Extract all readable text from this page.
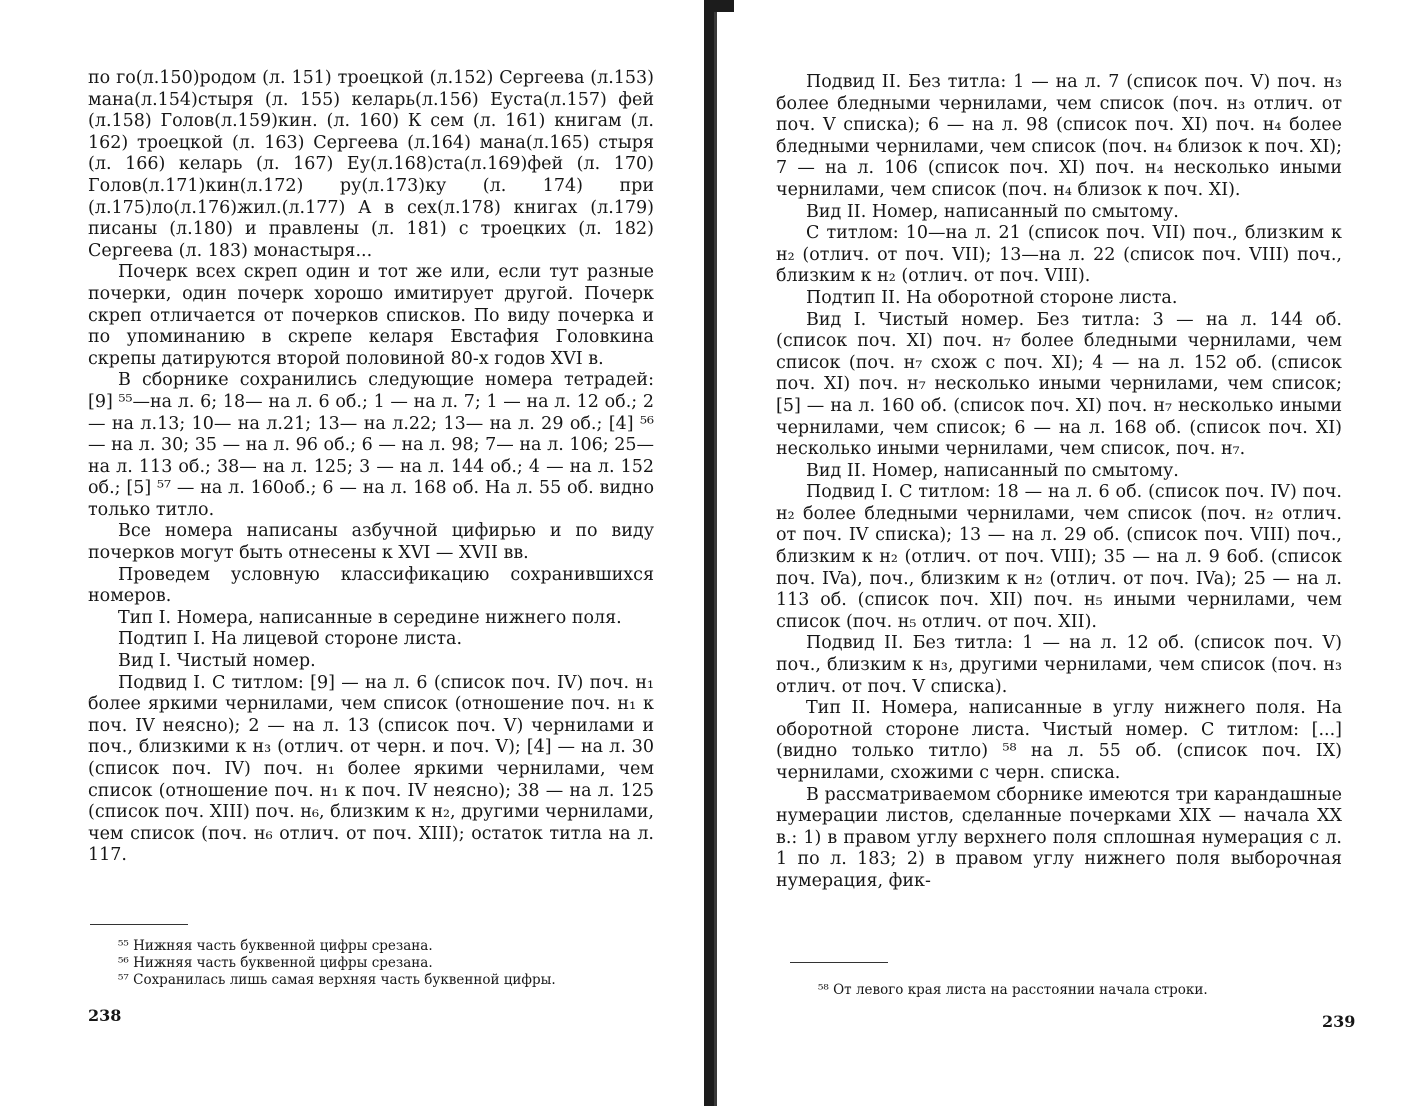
по го(л.150)родом (л. 151) троецкой (л.152) Сергеева (л.153) мана(л.154)стыря (л. 155) келарь(л.156) Еуста(л.157) фей (л.158) Голов(л.159)кин. (л. 160) К сем (л. 161) книгам (л. 162) троецкой (л. 163) Сергеева (л.164) мана(л.165) стыря (л. 166) келарь (л. 167) Еу(л.168)ста(л.169)фей (л. 170) Голов(л.171)кин(л.172) ру(л.173)ку (л. 174) при (л.175)ло(л.176)жил.(л.177) А в сех(л.178) книгах (л.179) писаны (л.180) и правлены (л. 181) с троецких (л. 182) Сергеева (л. 183) монастыря...

Почерк всех скреп один и тот же или, если тут разные почерки, один почерк хорошо имитирует другой. Почерк скреп отличается от почерков списков. По виду почерка и по упоминанию в скрепе келаря Евстафия Головкина скрепы датируются второй половиной 80-х годов XVI в.

В сборнике сохранились следующие номера тетрадей: [9] ⁵⁵—на л. 6; 18— на л. 6 об.; 1 — на л. 7; 1 — на л. 12 об.; 2— на л.13; 10— на л.21; 13— на л.22; 13— на л. 29 об.; [4] ⁵⁶ — на л. 30; 35 — на л. 96 об.; 6 — на л. 98; 7— на л. 106; 25—на л. 113 об.; 38— на л. 125; 3 — на л. 144 об.; 4 — на л. 152 об.; [5] ⁵⁷ — на л. 160об.; 6 — на л. 168 об. На л. 55 об. видно только титло.

Все номера написаны азбучной цифирью и по виду почерков могут быть отнесены к XVI — XVII вв.

Проведем условную классификацию сохранившихся номеров.

Тип I. Номера, написанные в середине нижнего поля.

Подтип I. На лицевой стороне листа.

Вид I. Чистый номер.

Подвид I. С титлом: [9] — на л. 6 (список поч. IV) поч. н₁ более яркими чернилами, чем список (отношение поч. н₁ к поч. IV неясно); 2 — на л. 13 (список поч. V) чернилами и поч., близкими к н₃ (отлич. от черн. и поч. V); [4] — на л. 30 (список поч. IV) поч. н₁ более яркими чернилами, чем список (отношение поч. н₁ к поч. IV неясно); 38 — на л. 125 (список поч. XIII) поч. н₆, близким к н₂, другими чернилами, чем список (поч. н₆ отлич. от поч. XIII); остаток титла на л. 117.

⁵⁵ Нижняя часть буквенной цифры срезана.

⁵⁶ Нижняя часть буквенной цифры срезана.

⁵⁷ Сохранилась лишь самая верхняя часть буквенной цифры.

238

Подвид II. Без титла: 1 — на л. 7 (список поч. V) поч. н₃ более бледными чернилами, чем список (поч. н₃ отлич. от поч. V списка); 6 — на л. 98 (список поч. XI) поч. н₄ более бледными чернилами, чем список (поч. н₄ близок к поч. XI); 7 — на л. 106 (список поч. XI) поч. н₄ несколько иными чернилами, чем список (поч. н₄ близок к поч. XI).

Вид II. Номер, написанный по смытому.

С титлом: 10—на л. 21 (список поч. VII) поч., близким к н₂ (отлич. от поч. VII); 13—на л. 22 (список поч. VIII) поч., близким к н₂ (отлич. от поч. VIII).

Подтип II. На оборотной стороне листа.

Вид I. Чистый номер. Без титла: 3 — на л. 144 об. (список поч. XI) поч. н₇ более бледными чернилами, чем список (поч. н₇ схож с поч. XI); 4 — на л. 152 об. (список поч. XI) поч. н₇ несколько иными чернилами, чем список; [5] — на л. 160 об. (список поч. XI) поч. н₇ несколько иными чернилами, чем список; 6 — на л. 168 об. (список поч. XI) несколько иными чернилами, чем список, поч. н₇.

Вид II. Номер, написанный по смытому.

Подвид I. С титлом: 18 — на л. 6 об. (список поч. IV) поч. н₂ более бледными чернилами, чем список (поч. н₂ отлич. от поч. IV списка); 13 — на л. 29 об. (список поч. VIII) поч., близким к н₂ (отлич. от поч. VIII); 35 — на л. 9 6об. (список поч. IVa), поч., близким к н₂ (отлич. от поч. IVa); 25 — на л. 113 об. (список поч. XII) поч. н₅ иными чернилами, чем список (поч. н₅ отлич. от поч. XII).

Подвид II. Без титла: 1 — на л. 12 об. (список поч. V) поч., близким к н₃, другими чернилами, чем список (поч. н₃ отлич. от поч. V списка).

Тип II. Номера, написанные в углу нижнего поля. На оборотной стороне листа. Чистый номер. С титлом: [...] (видно только титло) ⁵⁸ на л. 55 об. (список поч. IX) чернилами, схожими с черн. списка.

В рассматриваемом сборнике имеются три карандашные нумерации листов, сделанные почерками XIX — начала XX в.: 1) в правом углу верхнего поля сплошная нумерация с л. 1 по л. 183; 2) в правом углу нижнего поля выборочная нумерация, фик-

⁵⁸ От левого края листа на расстоянии начала строки.

239
